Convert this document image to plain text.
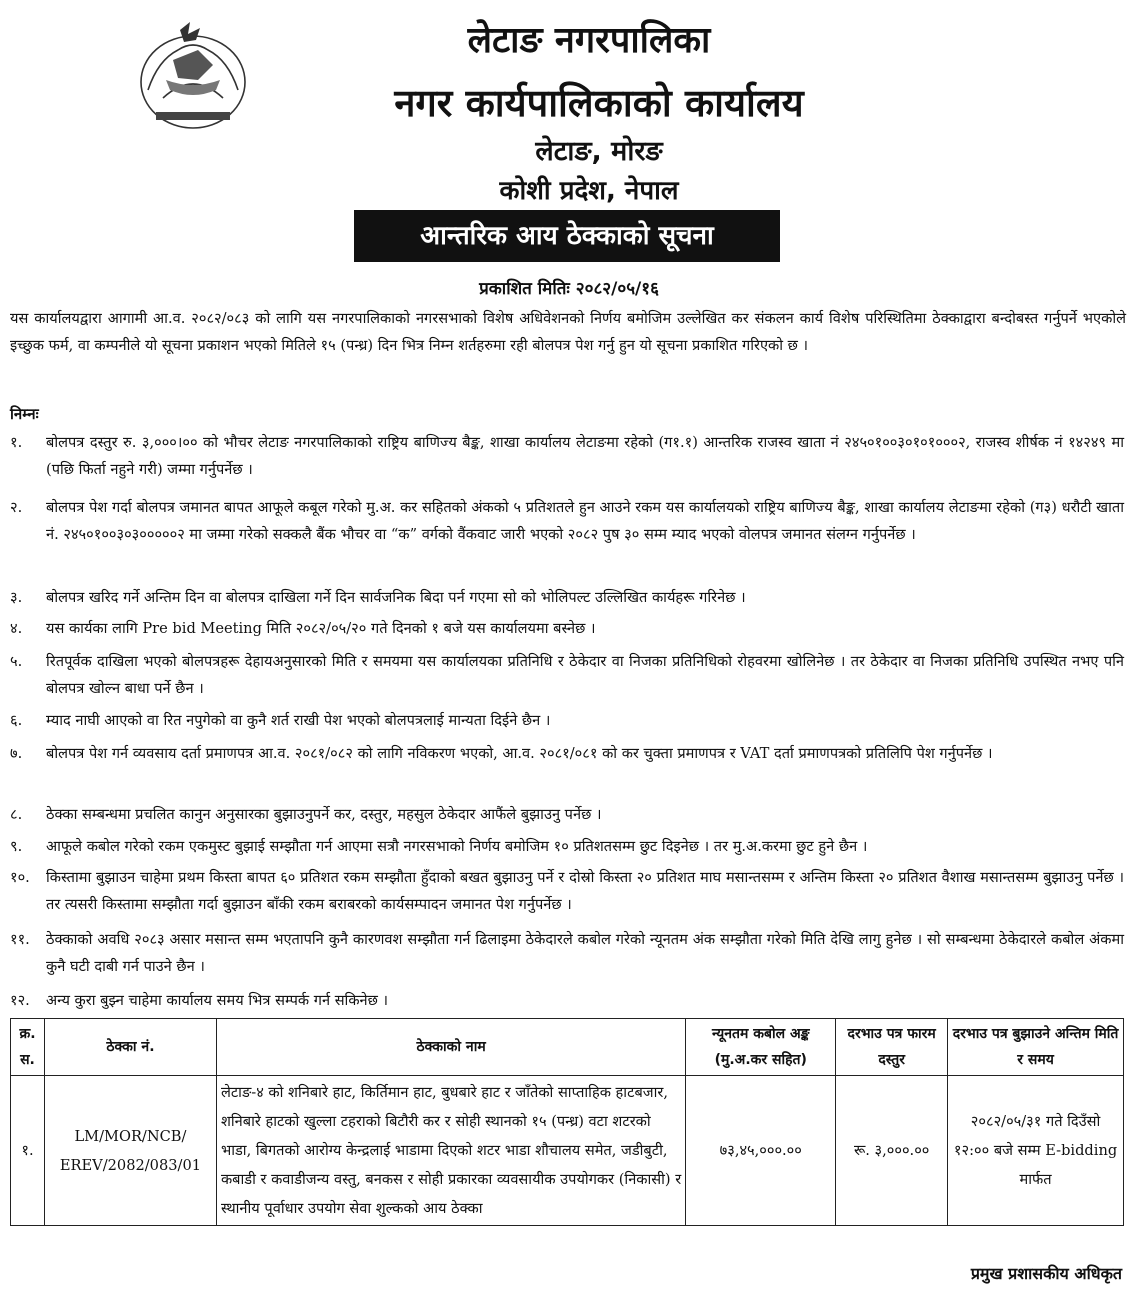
लेटाङ नगरपालिका
नगर कार्यपालिकाको कार्यालय
लेटाङ, मोरङ
कोशी प्रदेश, नेपाल
आन्तरिक आय ठेक्काको सूचना
प्रकाशित मितिः २०८२/०५/१६
यस कार्यालयद्वारा आगामी आ.व. २०८२/०८३ को लागि यस नगरपालिकाको नगरसभाको विशेष अधिवेशनको निर्णय बमोजिम उल्लेखित कर संकलन कार्य विशेष परिस्थितिमा ठेक्काद्वारा बन्दोबस्त गर्नुपर्ने भएकोले इच्छुक फर्म, वा कम्पनीले यो सूचना प्रकाशन भएको मितिले १५ (पन्ध्र) दिन भित्र निम्न शर्तहरुमा रही बोलपत्र पेश गर्नु हुन यो सूचना प्रकाशित गरिएको छ ।
निम्नः
१.	बोलपत्र दस्तुर रु. ३,०००।०० को भौचर लेटाङ नगरपालिकाको राष्ट्रिय बाणिज्य बैङ्क, शाखा कार्यालय लेटाङमा रहेको (ग१.१) आन्तरिक राजस्व खाता नं २४५०१००३०१०१०००२, राजस्व शीर्षक नं १४२४९ मा (पछि फिर्ता नहुने गरी) जम्मा गर्नुपर्नेछ ।
२.	बोलपत्र पेश गर्दा बोलपत्र जमानत बापत आफूले कबूल गरेको मु.अ. कर सहितको अंकको ५ प्रतिशतले हुन आउने रकम यस कार्यालयको राष्ट्रिय बाणिज्य बैङ्क, शाखा कार्यालय लेटाङमा रहेको (ग३) धरौटी खाता नं. २४५०१००३०३०००००२ मा जम्मा गरेको सक्कलै बैंक भौचर वा “क” वर्गको वैंकवाट जारी भएको २०८२ पुष ३० सम्म म्याद भएको वोलपत्र जमानत संलग्न गर्नुपर्नेछ ।
३.	बोलपत्र खरिद गर्ने अन्तिम दिन वा बोलपत्र दाखिला गर्ने दिन सार्वजनिक बिदा पर्न गएमा सो को भोलिपल्ट उल्लिखित कार्यहरू गरिनेछ ।
४.	यस कार्यका लागि Pre bid Meeting मिति २०८२/०५/२० गते दिनको १ बजे यस कार्यालयमा बस्नेछ ।
५.	रितपूर्वक दाखिला भएको बोलपत्रहरू देहायअनुसारको मिति र समयमा यस कार्यालयका प्रतिनिधि र ठेकेदार वा निजका प्रतिनिधिको रोहवरमा खोलिनेछ । तर ठेकेदार वा निजका प्रतिनिधि उपस्थित नभए पनि बोलपत्र खोल्न बाधा पर्ने छैन ।
६.	म्याद नाघी आएको वा रित नपुगेको वा कुनै शर्त राखी पेश भएको बोलपत्रलाई मान्यता दिईने छैन ।
७.	बोलपत्र पेश गर्न व्यवसाय दर्ता प्रमाणपत्र आ.व. २०८१/०८२ को लागि नविकरण भएको, आ.व. २०८१/०८१ को कर चुक्ता प्रमाणपत्र र VAT दर्ता प्रमाणपत्रको प्रतिलिपि पेश गर्नुपर्नेछ ।
८.	ठेक्का सम्बन्धमा प्रचलित कानुन अनुसारका बुझाउनुपर्ने कर, दस्तुर, महसुल ठेकेदार आफैंले बुझाउनु पर्नेछ ।
९.	आफूले कबोल गरेको रकम एकमुस्ट बुझाई सम्झौता गर्न आएमा सत्रौ नगरसभाको निर्णय बमोजिम १० प्रतिशतसम्म छुट दिइनेछ । तर मु.अ.करमा छुट हुने छैन ।
१०.	किस्तामा बुझाउन चाहेमा प्रथम किस्ता बापत ६० प्रतिशत रकम सम्झौता हुँदाको बखत बुझाउनु पर्ने र दोस्रो किस्ता २० प्रतिशत माघ मसान्तसम्म र अन्तिम किस्ता २० प्रतिशत वैशाख मसान्तसम्म बुझाउनु पर्नेछ । तर त्यसरी किस्तामा सम्झौता गर्दा बुझाउन बाँकी रकम बराबरको कार्यसम्पादन जमानत पेश गर्नुपर्नेछ ।
११.	ठेक्काको अवधि २०८३ असार मसान्त सम्म भएतापनि कुनै कारणवश सम्झौता गर्न ढिलाइमा ठेकेदारले कबोल गरेको न्यूनतम अंक सम्झौता गरेको मिति देखि लागु हुनेछ । सो सम्बन्धमा ठेकेदारले कबोल अंकमा कुनै घटी दाबी गर्न पाउने छैन ।
१२.	अन्य कुरा बुझ्न चाहेमा कार्यालय समय भित्र सम्पर्क गर्न सकिनेछ ।
क्र. स.	ठेक्का नं.	ठेक्काको नाम	न्यूनतम कबोल अङ्क (मु.अ.कर सहित)	दरभाउ पत्र फारम दस्तुर	दरभाउ पत्र बुझाउने अन्तिम मिति र समय
१.	LM/MOR/NCB/ EREV/2082/083/01	लेटाङ-४ को शनिबारे हाट, किर्तिमान हाट, बुधबारे हाट र जाँतेको साप्ताहिक हाटबजार, शनिबारे हाटको खुल्ला टहराको बिटौरी कर र सोही स्थानको १५ (पन्ध्र) वटा शटरको भाडा, बिगतको आरोग्य केन्द्रलाई भाडामा दिएको शटर भाडा शौचालय समेत, जडीबुटी, कबाडी र कवाडीजन्य वस्तु, बनकस र सोही प्रकारका व्यवसायीक उपयोगकर (निकासी) र स्थानीय पूर्वाधार उपयोग सेवा शुल्कको आय ठेक्का	७३,४५,०००.००	रू. ३,०००.००	२०८२/०५/३१ गते दिउँसो १२:०० बजे सम्म E-bidding मार्फत
प्रमुख प्रशासकीय अधिकृत
